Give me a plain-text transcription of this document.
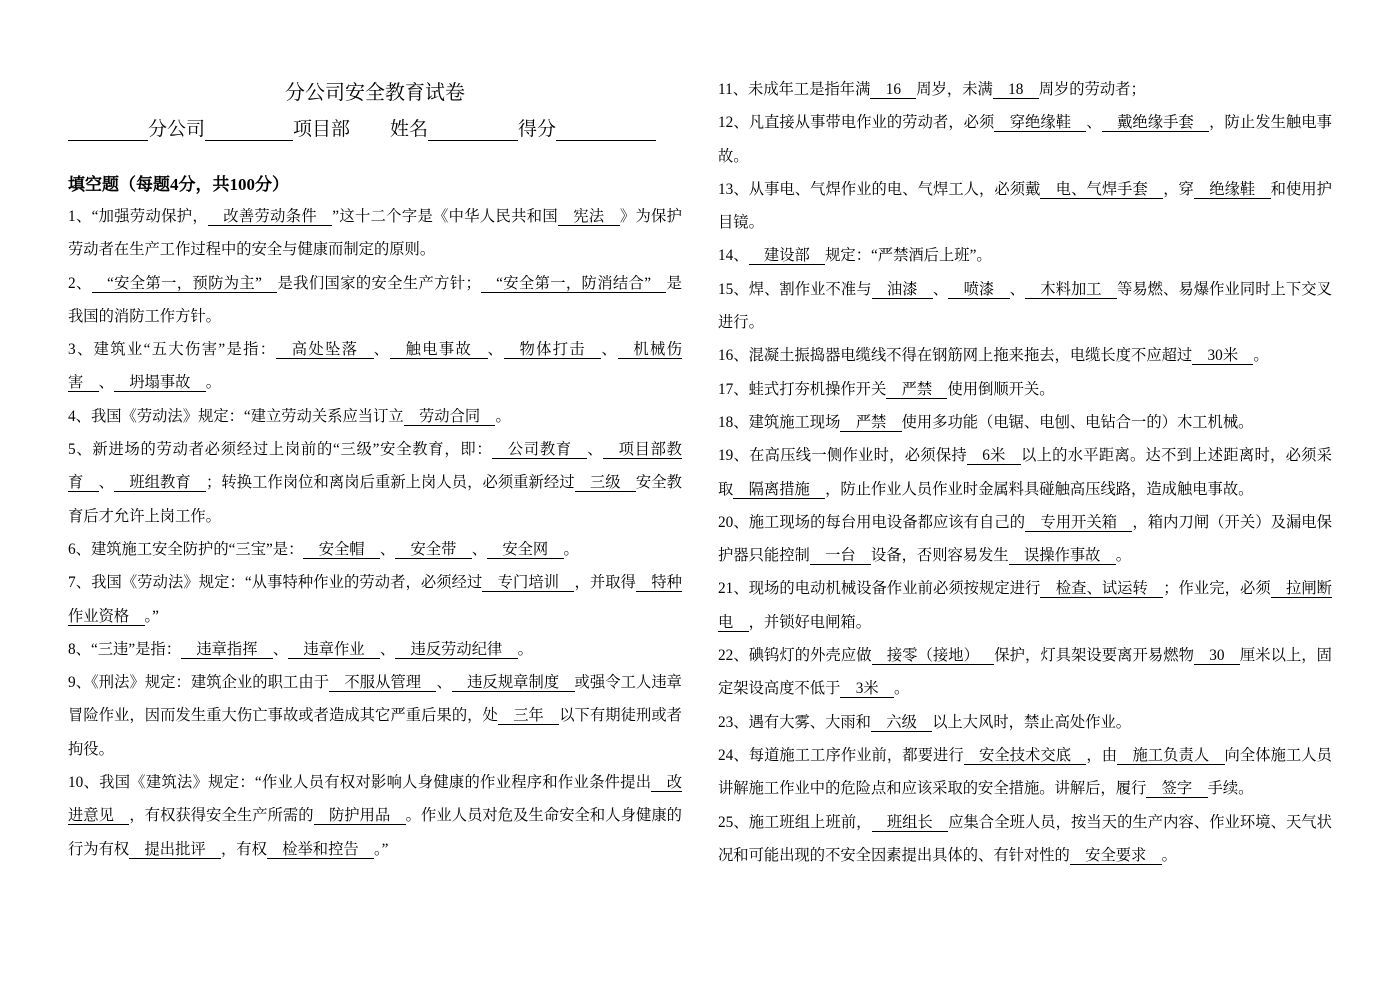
分公司安全教育试卷
分公司	项目部 姓名	得分
填空题（每题4分，共100分）
1、“加强劳动保护， 改善劳动条件 ”这十二个字是《中华人民共和国 宪法 》为保护劳动者在生产工作过程中的安全与健康而制定的原则。
2、 “安全第一，预防为主” 是我们国家的安全生产方针； “安全第一，防消结合” 是我国的消防工作方针。
3、建筑业“五大伤害”是指： 高处坠落 、 触电事故 、 物体打击 、 机械伤害 、 坍塌事故 。
4、我国《劳动法》规定：“建立劳动关系应当订立 劳动合同 。
5、新进场的劳动者必须经过上岗前的“三级”安全教育，即： 公司教育 、 项目部教育 、 班组教育 ；转换工作岗位和离岗后重新上岗人员，必须重新经过 三级 安全教育后才允许上岗工作。
6、建筑施工安全防护的“三宝”是： 安全帽 、 安全带 、 安全网 。
7、我国《劳动法》规定：“从事特种作业的劳动者，必须经过 专门培训 ，并取得 特种作业资格 。”
8、“三违”是指： 违章指挥 、 违章作业 、 违反劳动纪律 。
9、《刑法》规定：建筑企业的职工由于 不服从管理 、 违反规章制度 或强令工人违章冒险作业，因而发生重大伤亡事故或者造成其它严重后果的，处 三年 以下有期徒刑或者拘役。
10、我国《建筑法》规定：“作业人员有权对影响人身健康的作业程序和作业条件提出 改进意见 ，有权获得安全生产所需的 防护用品 。作业人员对危及生命安全和人身健康的行为有权 提出批评 ，有权 检举和控告 。”
11、未成年工是指年满 16 周岁，未满 18 周岁的劳动者；
12、凡直接从事带电作业的劳动者，必须 穿绝缘鞋 、 戴绝缘手套 ，防止发生触电事故。
13、从事电、气焊作业的电、气焊工人，必须戴 电、气焊手套 ，穿 绝缘鞋 和使用护目镜。
14、 建设部 规定：“严禁酒后上班”。
15、焊、割作业不准与 油漆 、 喷漆 、 木料加工 等易燃、易爆作业同时上下交叉进行。
16、混凝土振捣器电缆线不得在钢筋网上拖来拖去，电缆长度不应超过 30米 。
17、蛙式打夯机操作开关 严禁 使用倒顺开关。
18、建筑施工现场 严禁 使用多功能（电锯、电刨、电钻合一的）木工机械。
19、在高压线一侧作业时，必须保持 6米 以上的水平距离。达不到上述距离时，必须采取 隔离措施 ，防止作业人员作业时金属料具碰触高压线路，造成触电事故。
20、施工现场的每台用电设备都应该有自己的 专用开关箱 ，箱内刀闸（开关）及漏电保护器只能控制 一台 设备，否则容易发生 误操作事故 。
21、现场的电动机械设备作业前必须按规定进行 检查、试运转 ；作业完，必须 拉闸断电 ，并锁好电闸箱。
22、碘钨灯的外壳应做 接零（接地） 保护，灯具架设要离开易燃物 30 厘米以上，固定架设高度不低于 3米 。
23、遇有大雾、大雨和 六级 以上大风时，禁止高处作业。
24、每道施工工序作业前，都要进行 安全技术交底 ，由 施工负责人 向全体施工人员讲解施工作业中的危险点和应该采取的安全措施。讲解后，履行 签字 手续。
25、施工班组上班前， 班组长 应集合全班人员，按当天的生产内容、作业环境、天气状况和可能出现的不安全因素提出具体的、有针对性的 安全要求 。
